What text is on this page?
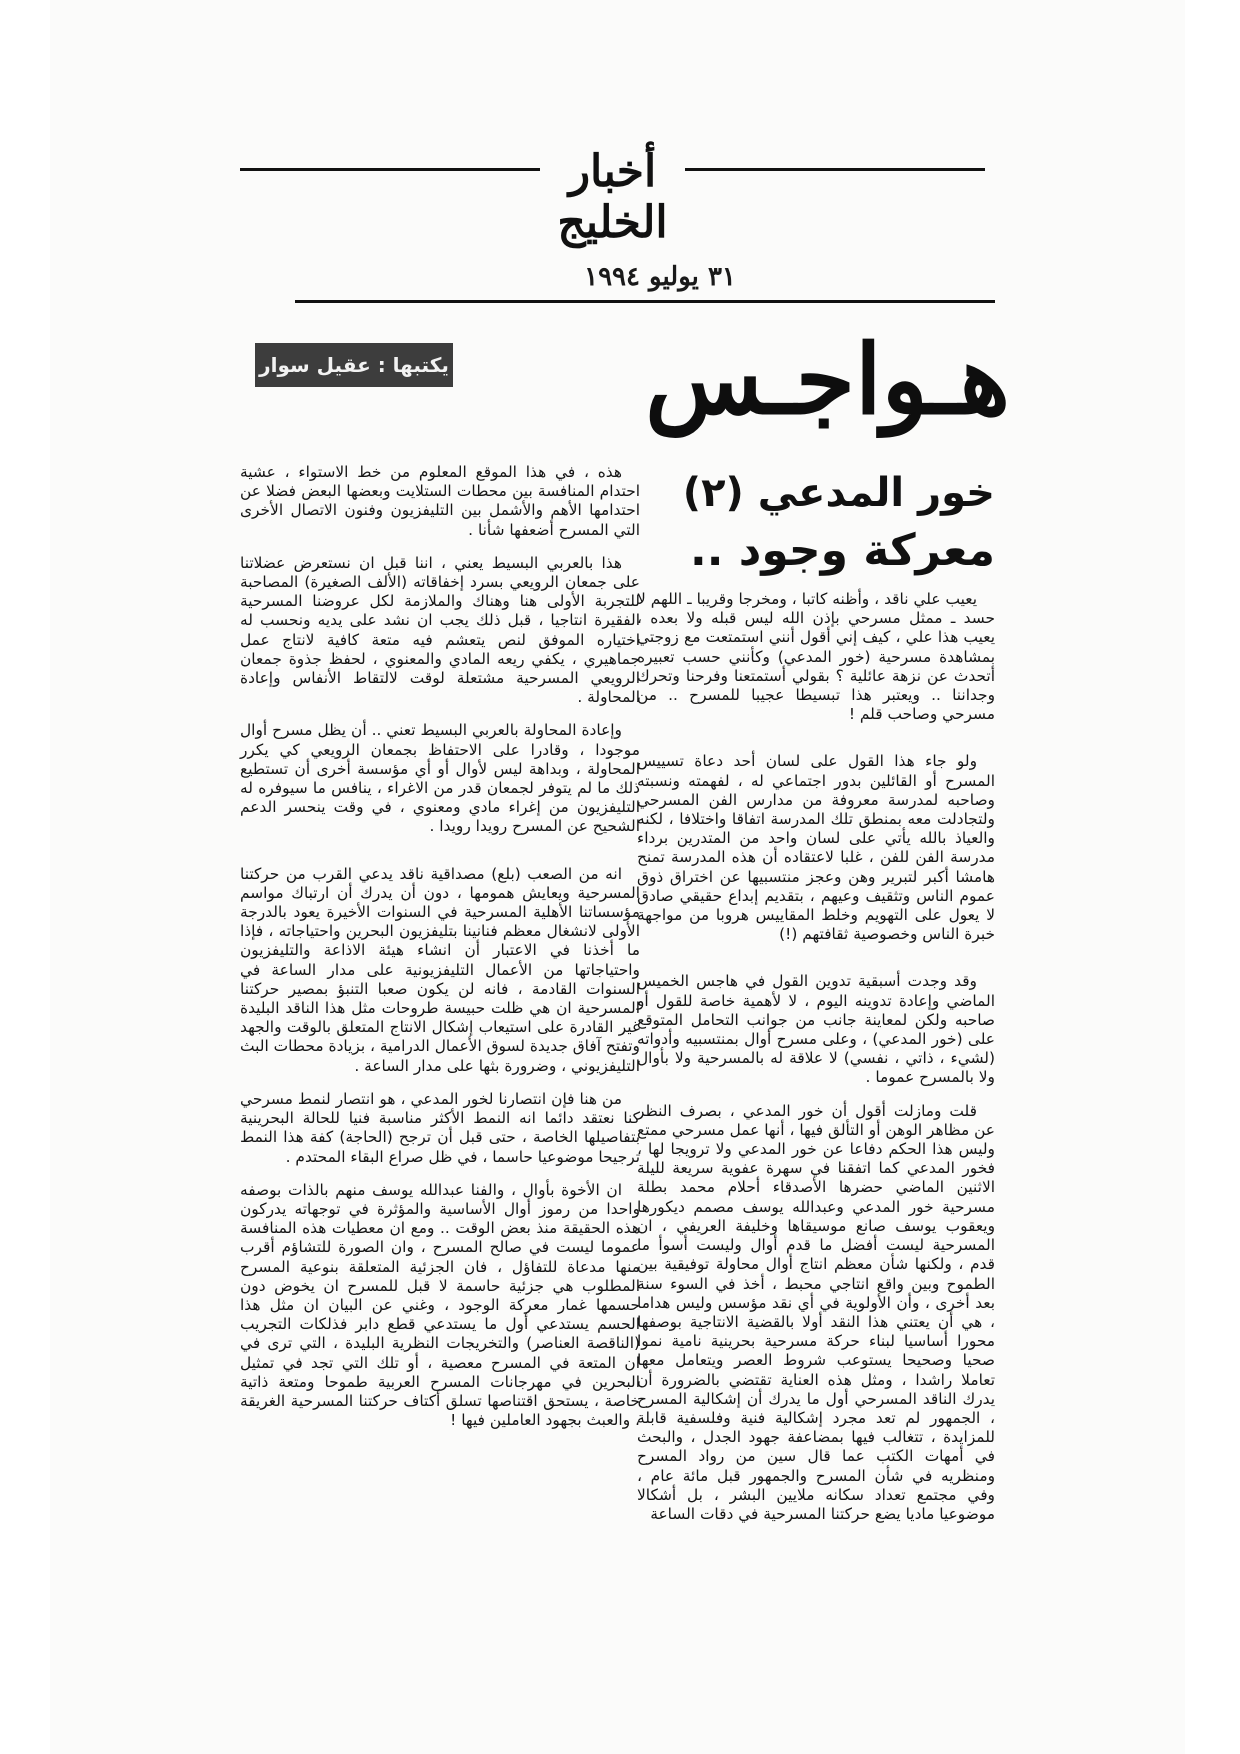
أخبار الخليج
٣١ يوليو ١٩٩٤
يكتبها : عقيل سوار	هـواجـس
خور المدعي (٢)
معركة وجود ..

يعيب علي ناقد ، وأظنه كاتبا ، ومخرجا وقريبا ـ اللهم لا حسد ـ ممثل مسرحي بإذن الله ليس قبله ولا بعده ، يعيب هذا علي ، كيف إني أقول أنني استمتعت مع زوجتي بمشاهدة مسرحية (خور المدعي) وكأنني حسب تعبيره أتحدث عن نزهة عائلية ؟ بقولي أستمتعنا وفرحنا وتحرك وجداننا .. ويعتبر هذا تبسيطا عجيبا للمسرح .. من مسرحي وصاحب قلم !

ولو جاء هذا القول على لسان أحد دعاة تسييس المسرح أو القائلين بدور اجتماعي له ، لفهمته ونسبته وصاحبه لمدرسة معروفة من مدارس الفن المسرحي ولتجادلت معه بمنطق تلك المدرسة اتفاقا واختلافا ، لكنه والعياذ بالله يأتي على لسان واحد من المتدرين برداء مدرسة الفن للفن ، غلبا لاعتقاده أن هذه المدرسة تمنح هامشا أكبر لتبرير وهن وعجز منتسبيها عن اختراق ذوق عموم الناس وتثقيف وعيهم ، بتقديم إبداع حقيقي صادق لا يعول على التهويم وخلط المقاييس هروبا من مواجهة خبرة الناس وخصوصية ثقافتهم (!)

وقد وجدت أسبقية تدوين القول في هاجس الخميس الماضي وإعادة تدوينه اليوم ، لا لأهمية خاصة للقول أو صاحبه ولكن لمعاينة جانب من جوانب التحامل المتوقع على (خور المدعي) ، وعلى مسرح أوال بمنتسبيه وأدواته (لشيء ، ذاتي ، نفسي) لا علاقة له بالمسرحية ولا بأوال ولا بالمسرح عموما .

قلت ومازلت أقول أن خور المدعي ، بصرف النظر عن مظاهر الوهن أو التألق فيها ، أنها عمل مسرحي ممتع وليس هذا الحكم دفاعا عن خور المدعي ولا ترويجا لها ، فخور المدعي كما اتفقنا في سهرة عفوية سريعة لليلة الاثنين الماضي حضرها الأصدقاء أحلام محمد بطلة مسرحية خور المدعي وعبدالله يوسف مصمم ديكورها ويعقوب يوسف صانع موسيقاها وخليفة العريفي ، ان المسرحية ليست أفضل ما قدم أوال وليست أسوأ ما قدم ، ولكنها شأن معظم انتاج أوال محاولة توفيقية بين الطموح وبين واقع انتاجي محبط ، أخذ في السوء سنة بعد أخرى ، وأن الأولوية في أي نقد مؤسس وليس هداما ، هي أن يعتني هذا النقد أولا بالقضية الانتاجية بوصفها محورا أساسيا لبناء حركة مسرحية بحرينية نامية نموا صحيا وصحيحا يستوعب شروط العصر ويتعامل معها تعاملا راشدا ، ومثل هذه العناية تقتضي بالضرورة أن يدرك الناقد المسرحي أول ما يدرك أن إشكالية المسرح ، الجمهور لم تعد مجرد إشكالية فنية وفلسفية قابلة للمزايدة ، تتغالب فيها بمضاعفة جهود الجدل ، والبحث في أمهات الكتب عما قال سين من رواد المسرح ومنظريه في شأن المسرح والجمهور قبل مائة عام ، وفي مجتمع تعداد سكانه ملايين البشر ، بل أشكالا موضوعيا ماديا يضع حركتنا المسرحية في دقات الساعة

هذه ، في هذا الموقع المعلوم من خط الاستواء ، عشية احتدام المنافسة بين محطات الستلايت وبعضها البعض فضلا عن احتدامها الأهم والأشمل بين التليفزيون وفنون الاتصال الأخرى التي المسرح أضعفها شأنا .

هذا بالعربي البسيط يعني ، اننا قبل ان نستعرض عضلاتنا على جمعان الرويعي بسرد إخفاقاته (الألف الصغيرة) المصاحبة للتجربة الأولى هنا وهناك والملازمة لكل عروضنا المسرحية الفقيرة انتاجيا ، قبل ذلك يجب ان نشد على يديه ونحسب له اختياره الموفق لنص يتعشم فيه متعة كافية لانتاج عمل جماهيري ، يكفي ريعه المادي والمعنوي ، لحفظ جذوة جمعان الرويعي المسرحية مشتعلة لوقت لالتقاط الأنفاس وإعادة المحاولة .

وإعادة المحاولة بالعربي البسيط تعني .. أن يظل مسرح أوال موجودا ، وقادرا على الاحتفاظ بجمعان الرويعي كي يكرر المحاولة ، وبداهة ليس لأوال أو أي مؤسسة أخرى أن تستطيع ذلك ما لم يتوفر لجمعان قدر من الاغراء ، ينافس ما سيوفره له التليفزيون من إغراء مادي ومعنوي ، في وقت ينحسر الدعم الشحيح عن المسرح رويدا رويدا .

انه من الصعب (بلع) مصداقية ناقد يدعي القرب من حركتنا المسرحية ويعايش همومها ، دون أن يدرك أن ارتباك مواسم مؤسساتنا الأهلية المسرحية في السنوات الأخيرة يعود بالدرجة الأولى لانشغال معظم فنانينا بتليفزيون البحرين واحتياجاته ، فإذا ما أخذنا في الاعتبار أن انشاء هيئة الاذاعة والتليفزيون واحتياجاتها من الأعمال التليفزيونية على مدار الساعة في السنوات القادمة ، فانه لن يكون صعبا التنبؤ بمصير حركتنا المسرحية ان هي ظلت حبيسة طروحات مثل هذا الناقد البليدة غير القادرة على استيعاب إشكال الانتاج المتعلق بالوقت والجهد وتفتح آفاق جديدة لسوق الأعمال الدرامية ، بزيادة محطات البث التليفزيوني ، وضرورة بثها على مدار الساعة .

من هنا فإن انتصارنا لخور المدعي ، هو انتصار لنمط مسرحي كنا نعتقد دائما انه النمط الأكثر مناسبة فنيا للحالة البحرينية بتفاصيلها الخاصة ، حتى قبل أن ترجح (الحاجة) كفة هذا النمط ترجيحا موضوعيا حاسما ، في ظل صراع البقاء المحتدم .

ان الأخوة بأوال ، والفنا عبدالله يوسف منهم بالذات بوصفه واحدا من رموز أوال الأساسية والمؤثرة في توجهاته يدركون هذه الحقيقة منذ بعض الوقت .. ومع ان معطيات هذه المنافسة عموما ليست في صالح المسرح ، وان الصورة للتشاؤم أقرب منها مدعاة للتفاؤل ، فان الجزئية المتعلقة بنوعية المسرح المطلوب هي جزئية حاسمة لا قبل للمسرح ان يخوض دون حسمها غمار معركة الوجود ، وغني عن البيان ان مثل هذا الحسم يستدعي أول ما يستدعي قطع دابر فذلكات التجريب (الناقصة العناصر) والتخريجات النظرية البليدة ، التي ترى في ان المتعة في المسرح معصية ، أو تلك التي تجد في تمثيل البحرين في مهرجانات المسرح العربية طموحا ومتعة ذاتية خاصة ، يستحق اقتناصها تسلق أكتاف حركتنا المسرحية الغريقة ، والعبث بجهود العاملين فيها !
